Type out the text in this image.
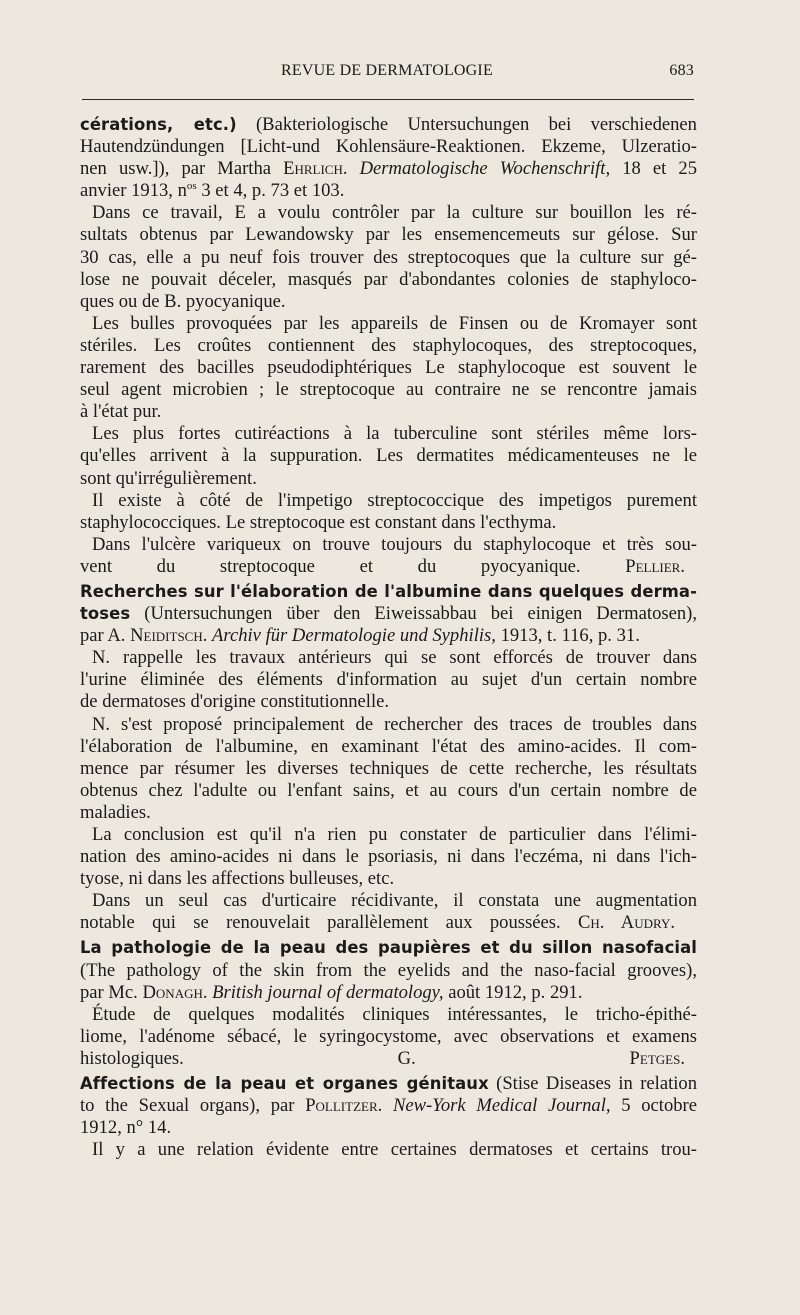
REVUE DE DERMATOLOGIE	683
cérations, etc.) (Bakteriologische Untersuchungen bei verschiedenen
Hautendzündungen [Licht-und Kohlensäure-Reaktionen. Ekzeme, Ulzeratio-
nen usw.]), par Martha Ehrlich. Dermatologische Wochenschrift, 18 et 25
anvier 1913, $n^{os}$ 3 et 4, p. 73 et 103.
Dans ce travail, E a voulu contrôler par la culture sur bouillon les ré-
sultats obtenus par Lewandowsky par les ensemencemeuts sur gélose. Sur
30 cas, elle a pu neuf fois trouver des streptocoques que la culture sur gé-
lose ne pouvait déceler, masqués par d'abondantes colonies de staphyloco-
ques ou de B. pyocyanique.
Les bulles provoquées par les appareils de Finsen ou de Kromayer sont
stériles. Les croûtes contiennent des staphylocoques, des streptocoques,
rarement des bacilles pseudodiphtériques Le staphylocoque est souvent le
seul agent microbien ; le streptocoque au contraire ne se rencontre jamais
à l'état pur.
Les plus fortes cutiréactions à la tuberculine sont stériles même lors-
qu'elles arrivent à la suppuration. Les dermatites médicamenteuses ne le
sont qu'irrégulièrement.
Il existe à côté de l'impetigo streptococcique des impetigos purement
staphylococciques. Le streptocoque est constant dans l'ecthyma.
Dans l'ulcère variqueux on trouve toujours du staphylocoque et très sou-
vent du streptocoque et du pyocyanique. Pellier.
Recherches sur l'élaboration de l'albumine dans quelques derma-
toses (Untersuchungen über den Eiweissabbau bei einigen Dermatosen),
par A. Neiditsch. Archiv für Dermatologie und Syphilis, 1913, t. 116, p. 31.
N. rappelle les travaux antérieurs qui se sont efforcés de trouver dans
l'urine éliminée des éléments d'information au sujet d'un certain nombre
de dermatoses d'origine constitutionnelle.
N. s'est proposé principalement de rechercher des traces de troubles dans
l'élaboration de l'albumine, en examinant l'état des amino-acides. Il com-
mence par résumer les diverses techniques de cette recherche, les résultats
obtenus chez l'adulte ou l'enfant sains, et au cours d'un certain nombre de
maladies.
La conclusion est qu'il n'a rien pu constater de particulier dans l'élimi-
nation des amino-acides ni dans le psoriasis, ni dans l'eczéma, ni dans l'ich-
tyose, ni dans les affections bulleuses, etc.
Dans un seul cas d'urticaire récidivante, il constata une augmentation
notable qui se renouvelait parallèlement aux poussées. Ch. Audry.
La pathologie de la peau des paupières et du sillon nasofacial
(The pathology of the skin from the eyelids and the naso-facial grooves),
par Mc. Donagh. British journal of dermatology, août 1912, p. 291.
Étude de quelques modalités cliniques intéressantes, le tricho-épithé-
liome, l'adénome sébacé, le syringocystome, avec observations et examens
histologiques.	G. Petges.
Affections de la peau et organes génitaux (Stise Diseases in relation
to the Sexual organs), par Pollitzer. New-York Medical Journal, 5 octobre
1912, n° 14.
Il y a une relation évidente entre certaines dermatoses et certains trou-
